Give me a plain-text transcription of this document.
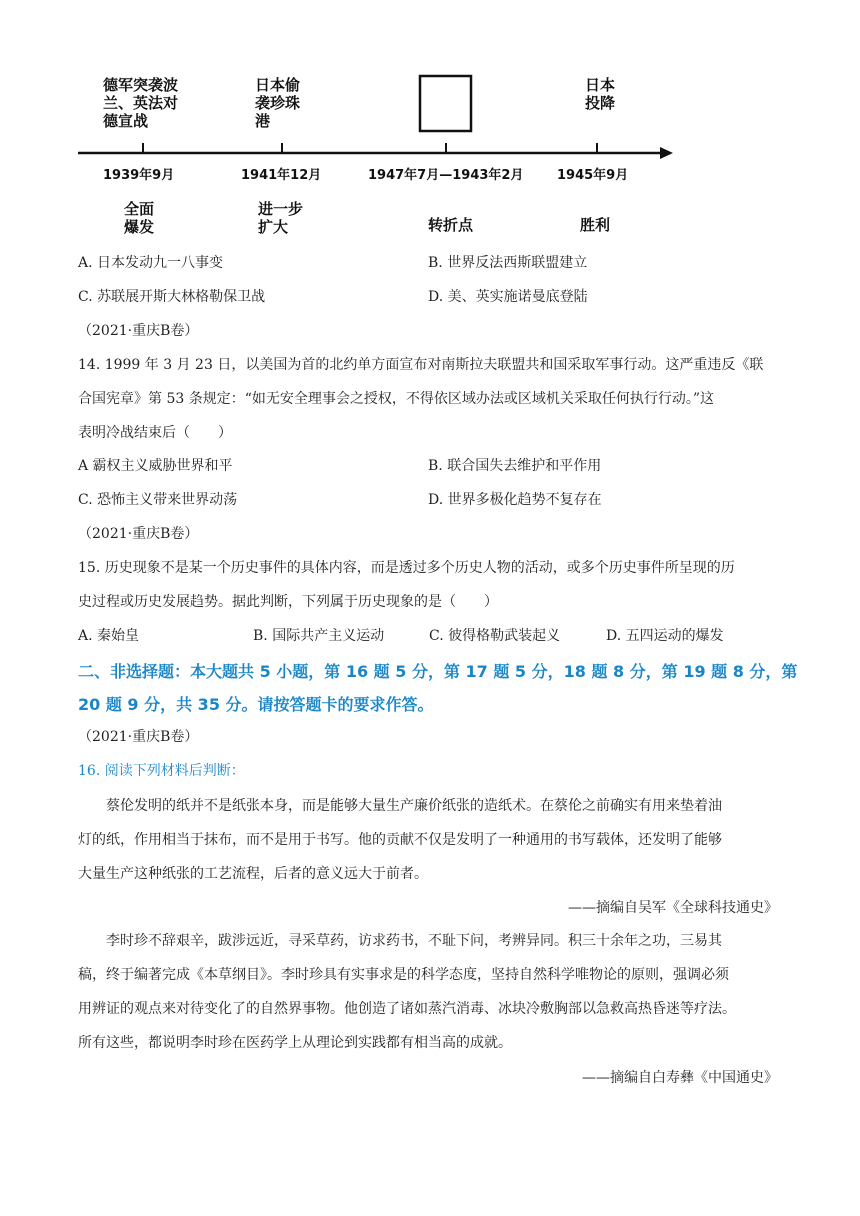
德军突袭波
兰、英法对
德宣战
日本偷
袭珍珠
港
日本
投降
1939年9月	1941年12月	1947年7月—1943年2月	1945年9月
全面
爆发
进一步
扩大	转折点	胜利
A. 日本发动九一八事变	B. 世界反法西斯联盟建立
C. 苏联展开斯大林格勒保卫战	D. 美、英实施诺曼底登陆
（2021·重庆B卷）
14. 1999 年 3 月 23 日，以美国为首的北约单方面宣布对南斯拉夫联盟共和国采取军事行动。这严重违反《联
合国宪章》第 53 条规定：“如无安全理事会之授权，不得依区域办法或区域机关采取任何执行行动。”这
表明冷战结束后（　　）
A 霸权主义威胁世界和平	B. 联合国失去维护和平作用
C. 恐怖主义带来世界动荡	D. 世界多极化趋势不复存在
（2021·重庆B卷）
15. 历史现象不是某一个历史事件的具体内容，而是透过多个历史人物的活动，或多个历史事件所呈现的历
史过程或历史发展趋势。据此判断，下列属于历史现象的是（　　）
A. 秦始皇	B. 国际共产主义运动	C. 彼得格勒武装起义	D. 五四运动的爆发
二、非选择题：本大题共 5 小题，第 16 题 5 分，第 17 题 5 分，18 题 8 分，第 19 题 8 分，第
20 题 9 分，共 35 分。请按答题卡的要求作答。
（2021·重庆B卷）
16. 阅读下列材料后判断：
蔡伦发明的纸并不是纸张本身，而是能够大量生产廉价纸张的造纸术。在蔡伦之前确实有用来垫着油
灯的纸，作用相当于抹布，而不是用于书写。他的贡献不仅是发明了一种通用的书写载体，还发明了能够
大量生产这种纸张的工艺流程，后者的意义远大于前者。
——摘编自吴军《全球科技通史》
李时珍不辞艰辛，跋涉远近，寻采草药，访求药书，不耻下问，考辨异同。积三十余年之功，三易其
稿，终于编著完成《本草纲目》。李时珍具有实事求是的科学态度，坚持自然科学唯物论的原则，强调必须
用辨证的观点来对待变化了的自然界事物。他创造了诸如蒸汽消毒、冰块冷敷胸部以急救高热昏迷等疗法。
所有这些，都说明李时珍在医药学上从理论到实践都有相当高的成就。
——摘编自白寿彝《中国通史》
